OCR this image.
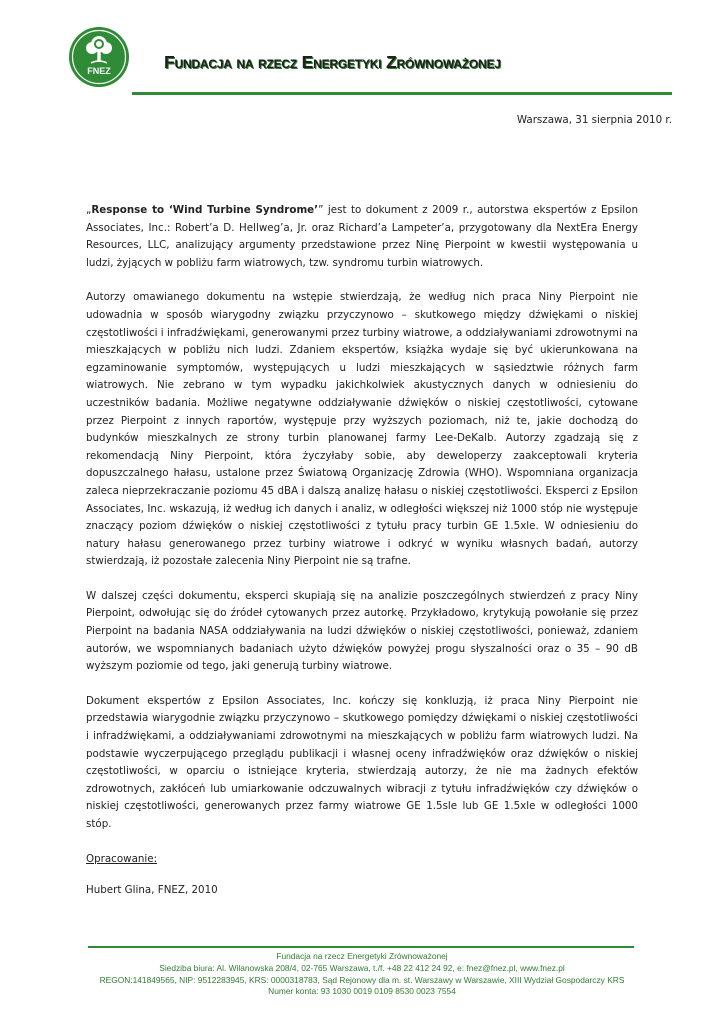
FNEZ	Fundacja na rzecz Energetyki Zrównoważonej
Warszawa, 31 sierpnia 2010 r.

„Response to ‘Wind Turbine Syndrome’” jest to dokument z 2009 r., autorstwa ekspertów z Epsilon Associates, Inc.: Robert’a D. Hellweg’a, Jr. oraz Richard’a Lampeter’a, przygotowany dla NextEra Energy Resources, LLC, analizujący argumenty przedstawione przez Ninę Pierpoint w kwestii występowania u ludzi, żyjących w pobliżu farm wiatrowych, tzw. syndromu turbin wiatrowych.

Autorzy omawianego dokumentu na wstępie stwierdzają, że według nich praca Niny Pierpoint nie udowadnia w sposób wiarygodny związku przyczynowo – skutkowego między dźwiękami o niskiej częstotliwości i infradźwiękami, generowanymi przez turbiny wiatrowe, a oddziaływaniami zdrowotnymi na mieszkających w pobliżu nich ludzi. Zdaniem ekspertów, książka wydaje się być ukierunkowana na egzaminowanie symptomów, występujących u ludzi mieszkających w sąsiedztwie różnych farm wiatrowych. Nie zebrano w tym wypadku jakichkolwiek akustycznych danych w odniesieniu do uczestników badania. Możliwe negatywne oddziaływanie dźwięków o niskiej częstotliwości, cytowane przez Pierpoint z innych raportów, występuje przy wyższych poziomach, niż te, jakie dochodzą do budynków mieszkalnych ze strony turbin planowanej farmy Lee-DeKalb. Autorzy zgadzają się z rekomendacją Niny Pierpoint, która życzyłaby sobie, aby deweloperzy zaakceptowali kryteria dopuszczalnego hałasu, ustalone przez Światową Organizację Zdrowia (WHO). Wspomniana organizacja zaleca nieprzekraczanie poziomu 45 dBA i dalszą analizę hałasu o niskiej częstotliwości. Eksperci z Epsilon Associates, Inc. wskazują, iż według ich danych i analiz, w odległości większej niż 1000 stóp nie występuje znaczący poziom dźwięków o niskiej częstotliwości z tytułu pracy turbin GE 1.5xle. W odniesieniu do natury hałasu generowanego przez turbiny wiatrowe i odkryć w wyniku własnych badań, autorzy stwierdzają, iż pozostałe zalecenia Niny Pierpoint nie są trafne.

W dalszej części dokumentu, eksperci skupiają się na analizie poszczególnych stwierdzeń z pracy Niny Pierpoint, odwołując się do źródeł cytowanych przez autorkę. Przykładowo, krytykują powołanie się przez Pierpoint na badania NASA oddziaływania na ludzi dźwięków o niskiej częstotliwości, ponieważ, zdaniem autorów, we wspomnianych badaniach użyto dźwięków powyżej progu słyszalności oraz o 35 – 90 dB wyższym poziomie od tego, jaki generują turbiny wiatrowe.

Dokument ekspertów z Epsilon Associates, Inc. kończy się konkluzją, iż praca Niny Pierpoint nie przedstawia wiarygodnie związku przyczynowo – skutkowego pomiędzy dźwiękami o niskiej częstotliwości i infradźwiękami, a oddziaływaniami zdrowotnymi na mieszkających w pobliżu farm wiatrowych ludzi. Na podstawie wyczerpującego przeglądu publikacji i własnej oceny infradźwięków oraz dźwięków o niskiej częstotliwości, w oparciu o istniejące kryteria, stwierdzają autorzy, że nie ma żadnych efektów zdrowotnych, zakłóceń lub umiarkowanie odczuwalnych wibracji z tytułu infradźwięków czy dźwięków o niskiej częstotliwości, generowanych przez farmy wiatrowe GE 1.5sle lub GE 1.5xle w odległości 1000 stóp.

Opracowanie:

Hubert Glina, FNEZ, 2010

Fundacja na rzecz Energetyki Zrównoważonej
Siedziba biura: Al. Wilanowska 208/4, 02-765 Warszawa, t./f. +48 22 412 24 92, e: fnez@fnez.pl, www.fnez.pl
REGON:141849565, NIP: 9512283945, KRS: 0000318783, Sąd Rejonowy dla m. st. Warszawy w Warszawie, XIII Wydział Gospodarczy KRS
Numer konta: 93 1030 0019 0109 8530 0023 7554
